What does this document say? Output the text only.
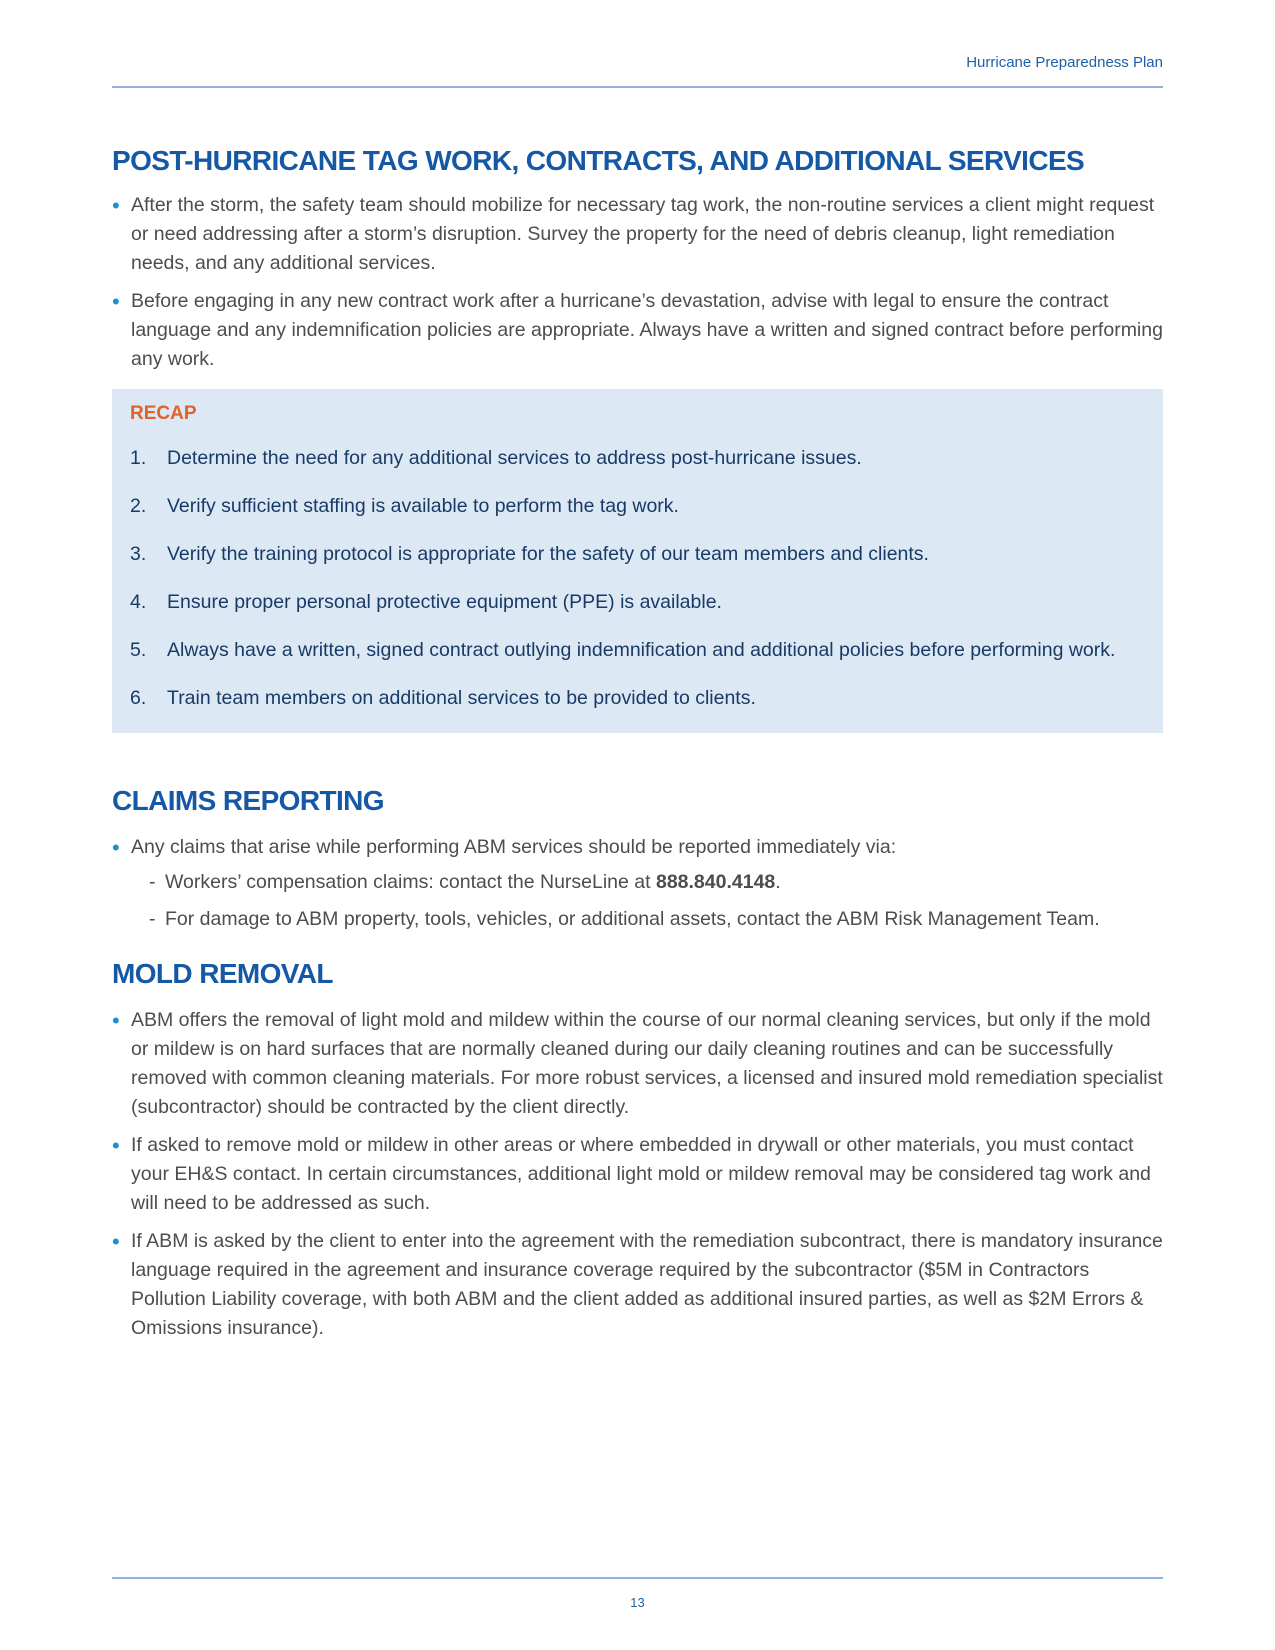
Hurricane Preparedness Plan
POST-HURRICANE TAG WORK, CONTRACTS, AND ADDITIONAL SERVICES
• After the storm, the safety team should mobilize for necessary tag work, the non-routine services a client might request or need addressing after a storm’s disruption. Survey the property for the need of debris cleanup, light remediation needs, and any additional services.
• Before engaging in any new contract work after a hurricane’s devastation, advise with legal to ensure the contract language and any indemnification policies are appropriate. Always have a written and signed contract before performing any work.
RECAP
1.	Determine the need for any additional services to address post-hurricane issues.
2.	Verify sufficient staffing is available to perform the tag work.
3.	Verify the training protocol is appropriate for the safety of our team members and clients.
4.	Ensure proper personal protective equipment (PPE) is available.
5.	Always have a written, signed contract outlying indemnification and additional policies before performing work.
6.	Train team members on additional services to be provided to clients.
CLAIMS REPORTING
• Any claims that arise while performing ABM services should be reported immediately via:
- Workers’ compensation claims: contact the NurseLine at 888.840.4148.
- For damage to ABM property, tools, vehicles, or additional assets, contact the ABM Risk Management Team.
MOLD REMOVAL
• ABM offers the removal of light mold and mildew within the course of our normal cleaning services, but only if the mold or mildew is on hard surfaces that are normally cleaned during our daily cleaning routines and can be successfully removed with common cleaning materials. For more robust services, a licensed and insured mold remediation specialist (subcontractor) should be contracted by the client directly.
• If asked to remove mold or mildew in other areas or where embedded in drywall or other materials, you must contact your EH&S contact. In certain circumstances, additional light mold or mildew removal may be considered tag work and will need to be addressed as such.
• If ABM is asked by the client to enter into the agreement with the remediation subcontract, there is mandatory insurance language required in the agreement and insurance coverage required by the subcontractor ($5M in Contractors Pollution Liability coverage, with both ABM and the client added as additional insured parties, as well as $2M Errors & Omissions insurance).
13
